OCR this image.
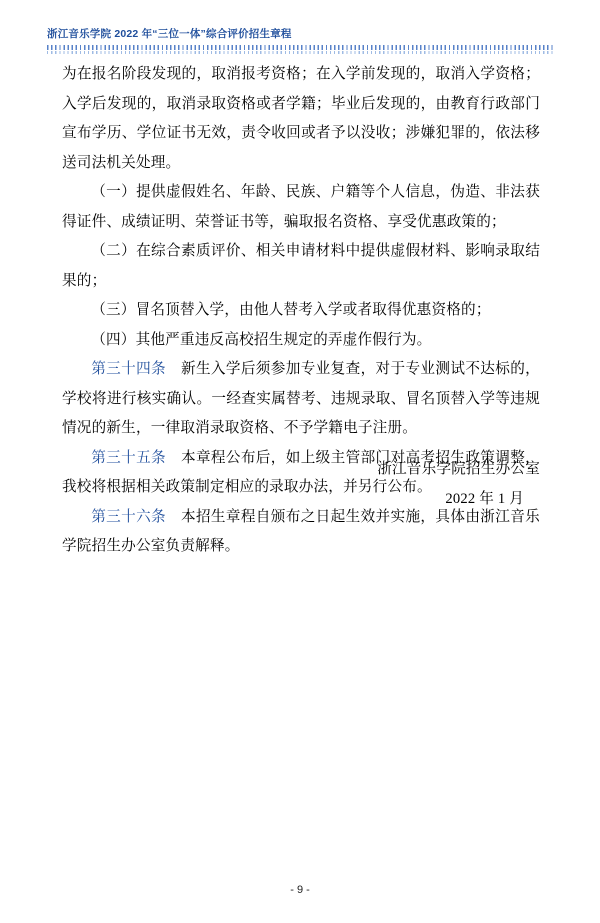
浙江音乐学院 2022 年“三位一体”综合评价招生章程

为在报名阶段发现的，取消报考资格；在入学前发现的，取消入学资格；入学后发现的，取消录取资格或者学籍；毕业后发现的，由教育行政部门宣布学历、学位证书无效，责令收回或者予以没收；涉嫌犯罪的，依法移送司法机关处理。

（一）提供虚假姓名、年龄、民族、户籍等个人信息，伪造、非法获得证件、成绩证明、荣誉证书等，骗取报名资格、享受优惠政策的；

（二）在综合素质评价、相关申请材料中提供虚假材料、影响录取结果的；

（三）冒名顶替入学，由他人替考入学或者取得优惠资格的；

（四）其他严重违反高校招生规定的弄虚作假行为。

第三十四条　 新生入学后须参加专业复查，对于专业测试不达标的，学校将进行核实确认。一经查实属替考、违规录取、冒名顶替入学等违规情况的新生，一律取消录取资格、不予学籍电子注册。

第三十五条　 本章程公布后，如上级主管部门对高考招生政策调整，我校将根据相关政策制定相应的录取办法，并另行公布。

第三十六条　 本招生章程自颁布之日起生效并实施，具体由浙江音乐学院招生办公室负责解释。

浙江音乐学院招生办公室
2022 年 1 月
- 9 -
